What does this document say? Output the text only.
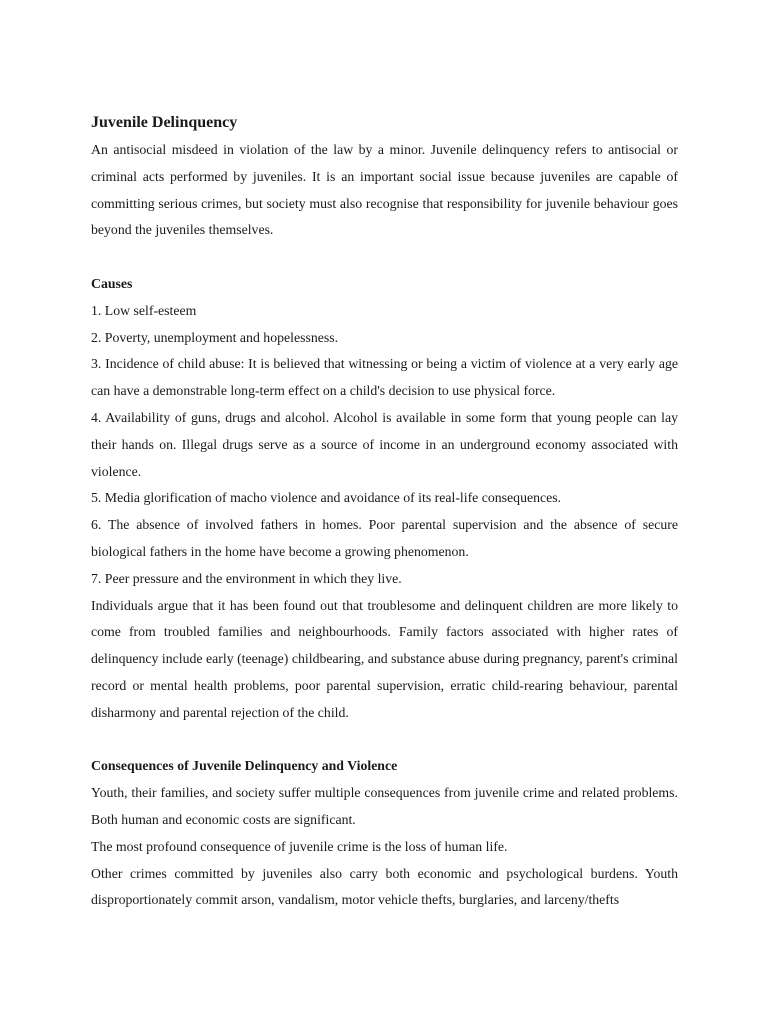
Juvenile Delinquency

An antisocial misdeed in violation of the law by a minor. Juvenile delinquency refers to antisocial or criminal acts performed by juveniles. It is an important social issue because juveniles are capable of committing serious crimes, but society must also recognise that responsibility for juvenile behaviour goes beyond the juveniles themselves.

Causes

1. Low self-esteem

2. Poverty, unemployment and hopelessness.

3. Incidence of child abuse: It is believed that witnessing or being a victim of violence at a very early age can have a demonstrable long-term effect on a child's decision to use physical force.

4. Availability of guns, drugs and alcohol. Alcohol is available in some form that young people can lay their hands on. Illegal drugs serve as a source of income in an underground economy associated with violence.

5. Media glorification of macho violence and avoidance of its real-life consequences.

6. The absence of involved fathers in homes. Poor parental supervision and the absence of secure biological fathers in the home have become a growing phenomenon.

7. Peer pressure and the environment in which they live.

Individuals argue that it has been found out that troublesome and delinquent children are more likely to come from troubled families and neighbourhoods. Family factors associated with higher rates of delinquency include early (teenage) childbearing, and substance abuse during pregnancy, parent's criminal record or mental health problems, poor parental supervision, erratic child-rearing behaviour, parental disharmony and parental rejection of the child.

Consequences of Juvenile Delinquency and Violence

Youth, their families, and society suffer multiple consequences from juvenile crime and related problems. Both human and economic costs are significant.

The most profound consequence of juvenile crime is the loss of human life.

Other crimes committed by juveniles also carry both economic and psychological burdens. Youth disproportionately commit arson, vandalism, motor vehicle thefts, burglaries, and larceny/thefts
